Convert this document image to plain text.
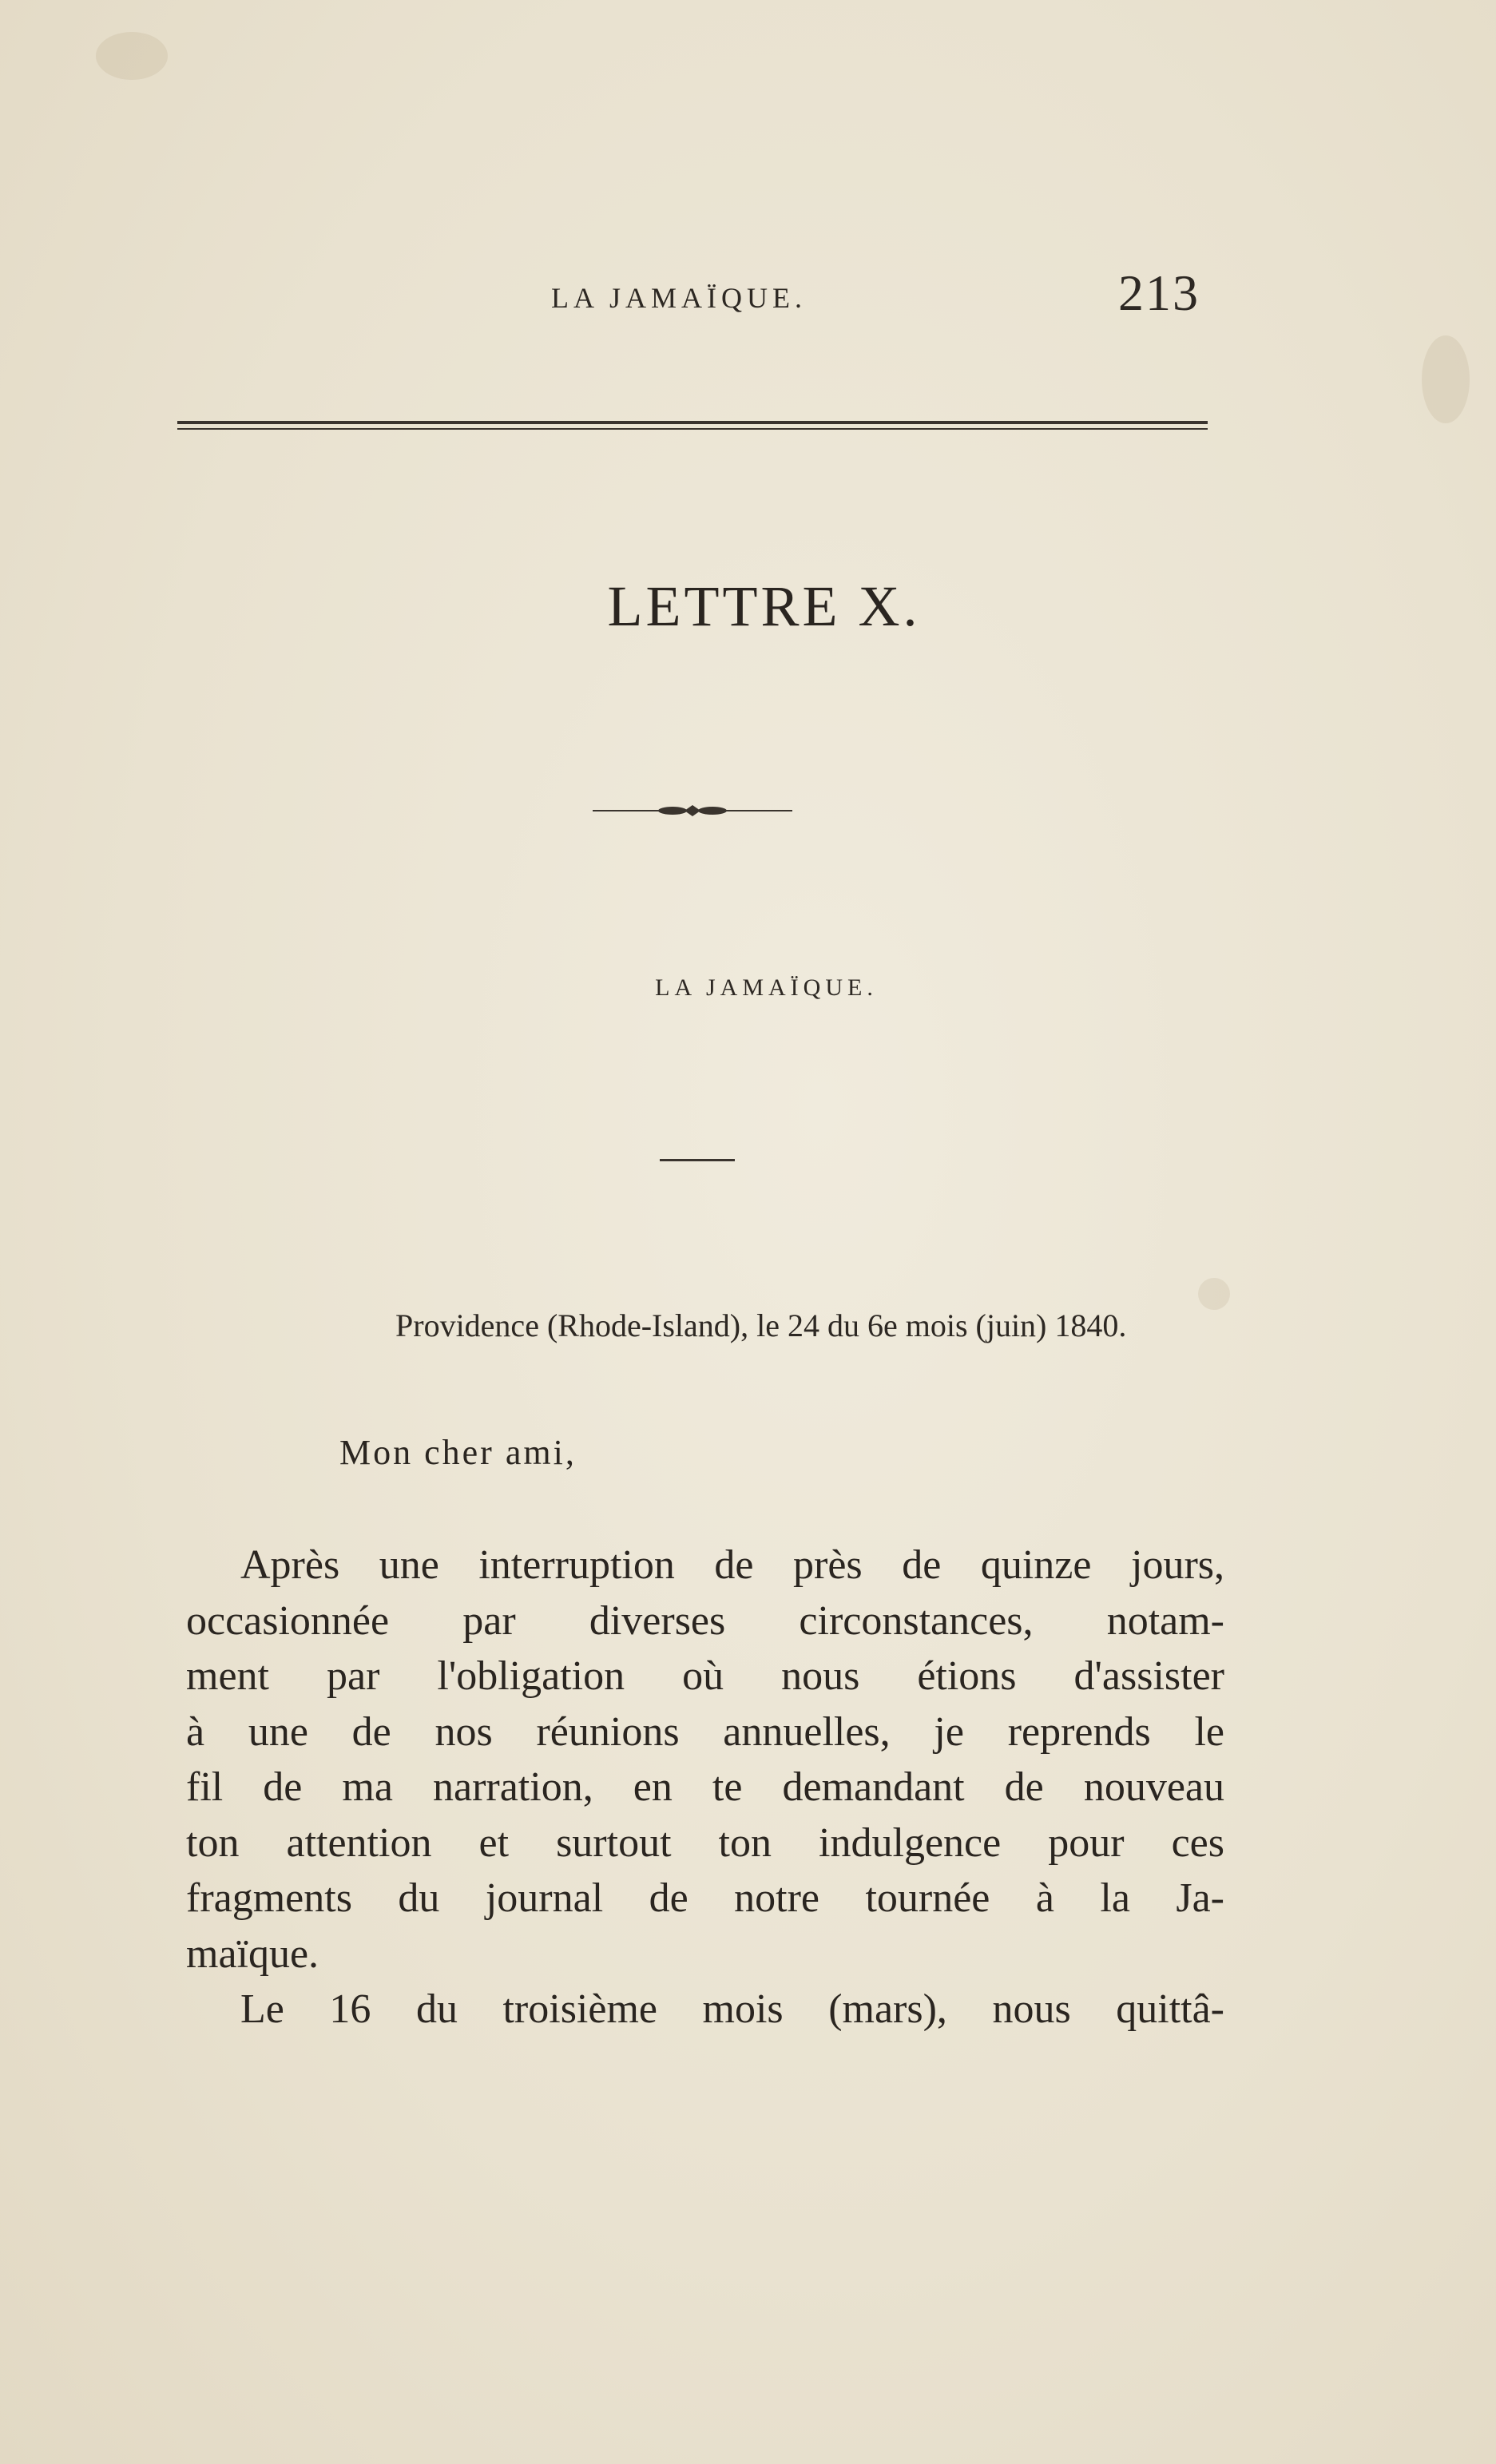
LA JAMAÏQUE.	213
LETTRE X.
LA JAMAÏQUE.
Providence (Rhode-Island), le 24 du 6e mois (juin) 1840.
Mon cher ami,
Après une interruption de près de quinze jours,
occasionnée par diverses circonstances, notam-
ment par l'obligation où nous étions d'assister
à une de nos réunions annuelles, je reprends le
fil de ma narration, en te demandant de nouveau
ton attention et surtout ton indulgence pour ces
fragments du journal de notre tournée à la Ja-
maïque.
Le 16 du troisième mois (mars), nous quittâ-
